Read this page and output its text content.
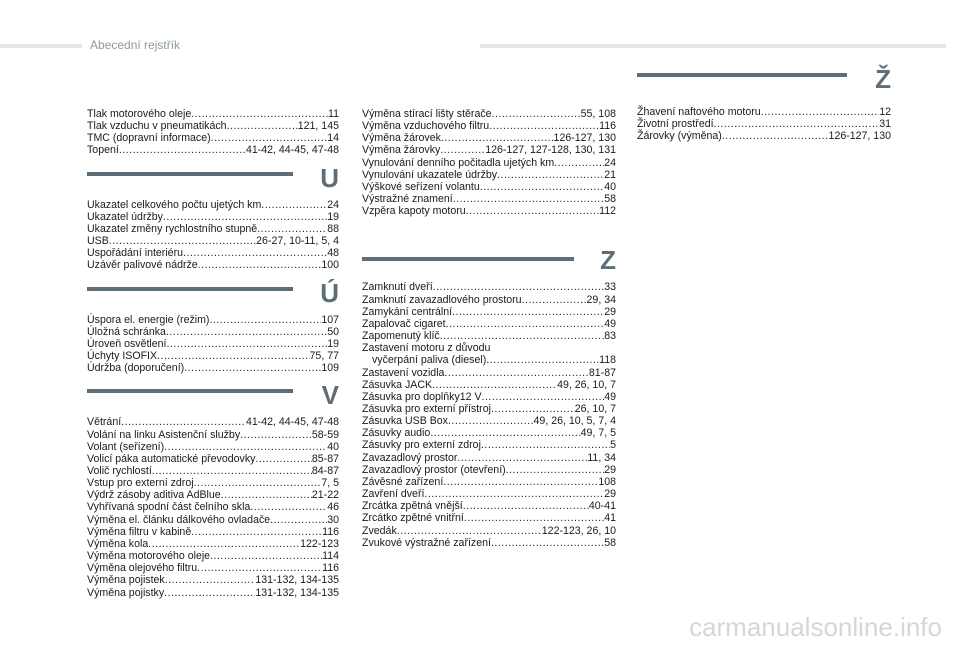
Abecední rejstřík
Tlak motorového oleje .....	11
Tlak vzduchu v pneumatikách .....	121, 145
TMC (dopravní informace) .....	14
Topení .....	41-42, 44-45, 47-48
U
Ukazatel celkového počtu ujetých km .....	24
Ukazatel údržby .....	19
Ukazatel změny rychlostního stupně .....	88
USB .....	26-27, 10-11, 5, 4
Uspořádání interiéru .....	48
Uzávěr palivové nádrže .....	100
Ú
Úspora el. energie (režim) .....	107
Úložná schránka .....	50
Úroveň osvětlení .....	19
Úchyty ISOFIX .....	75, 77
Údržba (doporučení) .....	109
V
Větrání .....	41-42, 44-45, 47-48
Volání na linku Asistenční služby .....	58-59
Volant (seřízení) .....	40
Volicí páka automatické převodovky .....	85-87
Volič rychlostí .....	84-87
Vstup pro externí zdroj .....	7, 5
Výdrž zásoby aditiva AdBlue .....	21-22
Vyhřívaná spodní část čelního skla .....	46
Výměna el. článku dálkového ovladače .....	30
Výměna filtru v kabině .....	116
Výměna kola .....	122-123
Výměna motorového oleje .....	114
Výměna olejového filtru .....	116
Výměna pojistek .....	131-132, 134-135
Výměna pojistky .....	131-132, 134-135
Výměna stírací lišty stěrače .....	55, 108
Výměna vzduchového filtru .....	116
Výměna žárovek .....	126-127, 130
Výměna žárovky .....	126-127, 127-128, 130, 131
Vynulování denního počitadla ujetých km .....	24
Vynulování ukazatele údržby .....	21
Výškové seřízení volantu .....	40
Výstražné znamení .....	58
Vzpěra kapoty motoru .....	112
Z
Zamknutí dveří .....	33
Zamknutí zavazadlového prostoru .....	29, 34
Zamykání centrální .....	29
Zapalovač cigaret .....	49
Zapomenutý klíč .....	83
Zastavení motoru z důvodu
vyčerpání paliva (diesel) .....	118
Zastavení vozidla .....	81-87
Zásuvka JACK .....	49, 26, 10, 7
Zásuvka pro doplňky12 V .....	49
Zásuvka pro externí přístroj .....	26, 10, 7
Zásuvka USB Box .....	49, 26, 10, 5, 7, 4
Zásuvky audio .....	49, 7, 5
Zásuvky pro externí zdroj .....	5
Zavazadlový prostor .....	11, 34
Zavazadlový prostor (otevření) .....	29
Závěsné zařízení .....	108
Zavření dveří .....	29
Zrcátka zpětná vnější .....	40-41
Zrcátko zpětné vnitřní .....	41
Zvedák .....	122-123, 26, 10
Zvukové výstražné zařízení .....	58
Ž
Žhavení naftového motoru .....	12
Životní prostředí .....	31
Žárovky (výměna) .....	126-127, 130
carmanualsonline.info
